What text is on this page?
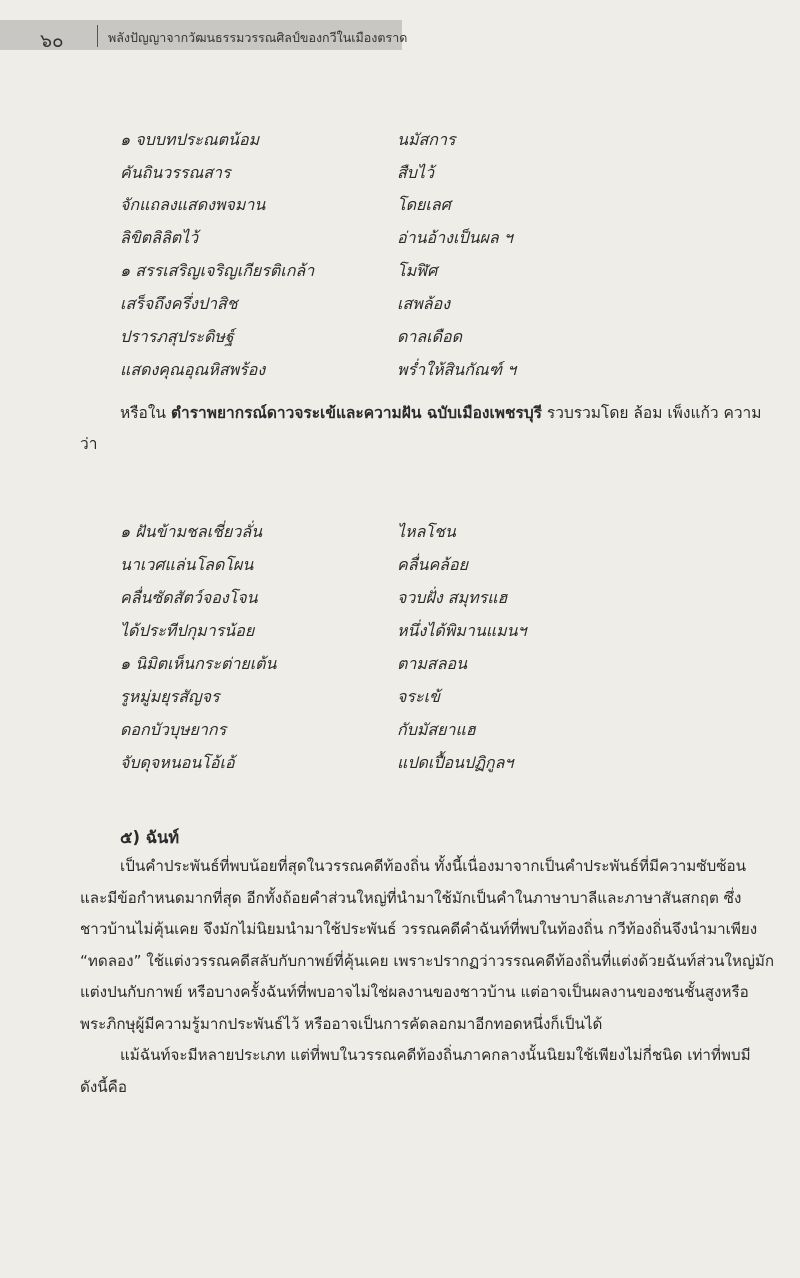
๖๐	พลังปัญญาจากวัฒนธรรมวรรณศิลป์ของกวีในเมืองตราด
๑ จบบทประณตน้อม	นมัสการ
คันถินวรรณสาร	สืบไว้
จักแถลงแสดงพจมาน	โดยเลศ
ลิขิตลิลิตไว้	อ่านอ้างเป็นผล ฯ
๑ สรรเสริญเจริญเกียรติเกล้า	โมฬิศ
เสร็จถึงครึ่งปาสิช	เสพล้อง
ปรารภสุประดิษฐ์	ดาลเดือด
แสดงคุณอุณหิสพร้อง	พร่ำให้สินกัณฑ์ ฯ
หรือใน ตำราพยากรณ์ดาวจระเข้และความฝัน ฉบับเมืองเพชรบุรี รวบรวมโดย ล้อม เพ็งแก้ว ความ
ว่า
๑ ฝันข้ามชลเชี่ยวลั่น	ไหลโชน
นาเวศแล่นโลดโผน	คลื่นคล้อย
คลื่นซัดสัตว์จองโจน	จวบฝั่ง สมุทรแฮ
ได้ประทีปกุมารน้อย	หนึ่งได้พิมานแมนฯ
๑ นิมิตเห็นกระต่ายเต้น	ตามสลอน
รูหมู่มยุรสัญจร	จระเข้
ดอกบัวบุษยากร	กับมัสยาแฮ
จับดุจหนอนโอ้เอ้	แปดเปื้อนปฏิกูลฯ
๕) ฉันท์
เป็นคำประพันธ์ที่พบน้อยที่สุดในวรรณคดีท้องถิ่น ทั้งนี้เนื่องมาจากเป็นคำประพันธ์ที่มีความซับซ้อน
และมีข้อกำหนดมากที่สุด อีกทั้งถ้อยคำส่วนใหญ่ที่นำมาใช้มักเป็นคำในภาษาบาลีและภาษาสันสกฤต ซึ่ง
ชาวบ้านไม่คุ้นเคย จึงมักไม่นิยมนำมาใช้ประพันธ์ วรรณคดีคำฉันท์ที่พบในท้องถิ่น กวีท้องถิ่นจึงนำมาเพียง
“ทดลอง” ใช้แต่งวรรณคดีสลับกับกาพย์ที่คุ้นเคย เพราะปรากฏว่าวรรณคดีท้องถิ่นที่แต่งด้วยฉันท์ส่วนใหญ่มัก
แต่งปนกับกาพย์ หรือบางครั้งฉันท์ที่พบอาจไม่ใช่ผลงานของชาวบ้าน แต่อาจเป็นผลงานของชนชั้นสูงหรือ
พระภิกษุผู้มีความรู้มากประพันธ์ไว้ หรืออาจเป็นการคัดลอกมาอีกทอดหนึ่งก็เป็นได้
แม้ฉันท์จะมีหลายประเภท แต่ที่พบในวรรณคดีท้องถิ่นภาคกลางนั้นนิยมใช้เพียงไม่กี่ชนิด เท่าที่พบมี
ดังนี้คือ
